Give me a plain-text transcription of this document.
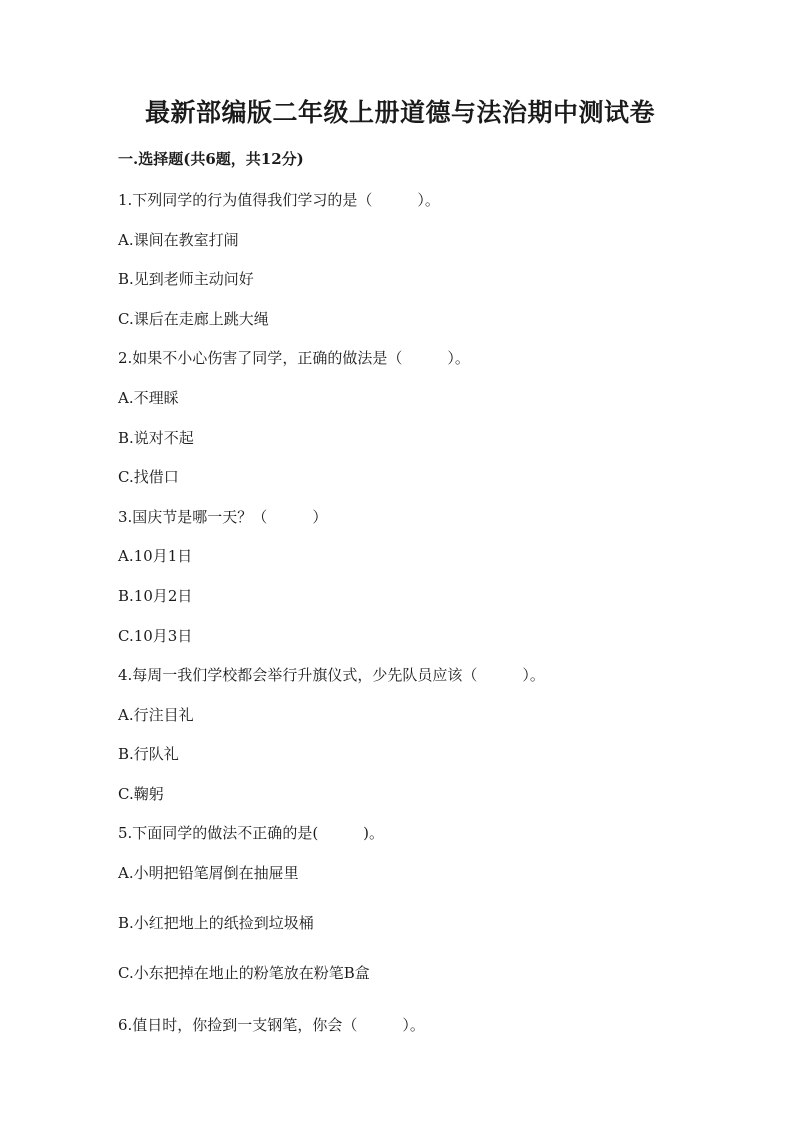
最新部编版二年级上册道德与法治期中测试卷
一.选择题(共6题，共12分)
1.下列同学的行为值得我们学习的是（　　　）。
A.课间在教室打闹
B.见到老师主动问好
C.课后在走廊上跳大绳
2.如果不小心伤害了同学，正确的做法是（　　　）。
A.不理睬
B.说对不起
C.找借口
3.国庆节是哪一天？（　　　）
A.10月1日
B.10月2日
C.10月3日
4.每周一我们学校都会举行升旗仪式，少先队员应该（　　　）。
A.行注目礼
B.行队礼
C.鞠躬
5.下面同学的做法不正确的是(　　　)。
A.小明把铅笔屑倒在抽屉里
B.小红把地上的纸捡到垃圾桶
C.小东把掉在地止的粉笔放在粉笔B盒
6.值日时，你捡到一支钢笔，你会（　　　）。
